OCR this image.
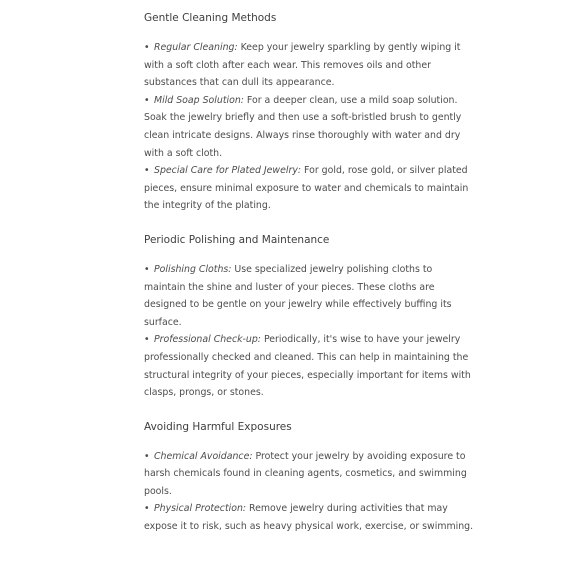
Gentle Cleaning Methods
• Regular Cleaning: Keep your jewelry sparkling by gently wiping it with a soft cloth after each wear. This removes oils and other substances that can dull its appearance.
• Mild Soap Solution: For a deeper clean, use a mild soap solution. Soak the jewelry briefly and then use a soft-bristled brush to gently clean intricate designs. Always rinse thoroughly with water and dry with a soft cloth.
• Special Care for Plated Jewelry: For gold, rose gold, or silver plated pieces, ensure minimal exposure to water and chemicals to maintain the integrity of the plating.
Periodic Polishing and Maintenance
• Polishing Cloths: Use specialized jewelry polishing cloths to maintain the shine and luster of your pieces. These cloths are designed to be gentle on your jewelry while effectively buffing its surface.
• Professional Check-up: Periodically, it's wise to have your jewelry professionally checked and cleaned. This can help in maintaining the structural integrity of your pieces, especially important for items with clasps, prongs, or stones.
Avoiding Harmful Exposures
• Chemical Avoidance: Protect your jewelry by avoiding exposure to harsh chemicals found in cleaning agents, cosmetics, and swimming pools.
• Physical Protection: Remove jewelry during activities that may expose it to risk, such as heavy physical work, exercise, or swimming.
